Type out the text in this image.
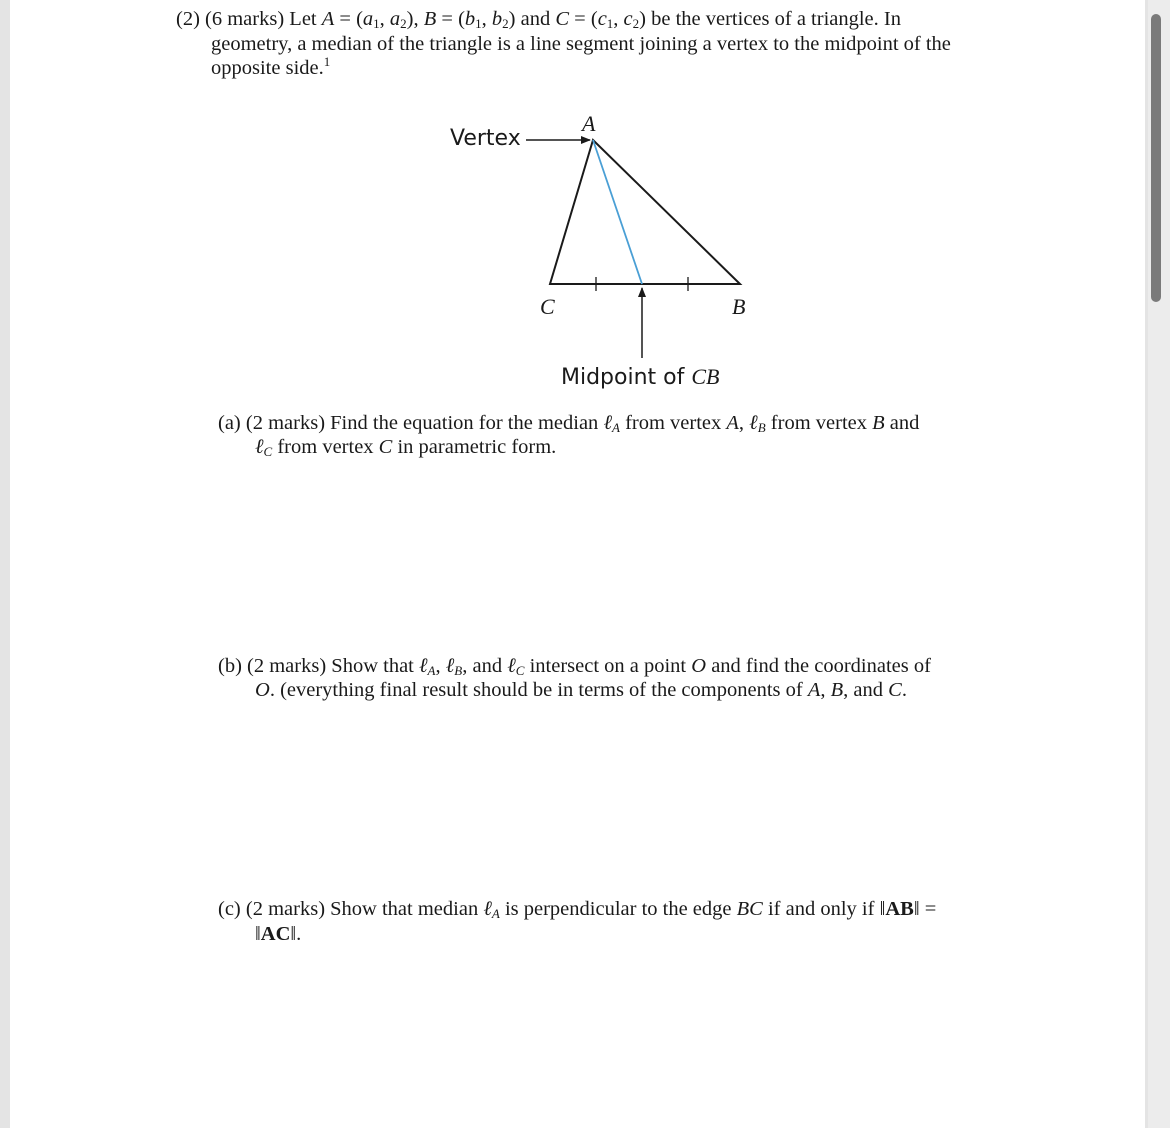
(2) (6 marks) Let $A = (a_1$, $a_2$), $B = (b_1$, $b_2$) and $C = (c_1$, $c_2$) be the vertices of a triangle. In

geometry, a median of the triangle is a line segment joining a vertex to the midpoint of the

opposite side.$^1$

Vertex
A
C	B
Midpoint of CB

(a) (2 marks) Find the equation for the median ℓ$_A$ from vertex A, ℓ$_B$ from vertex B and

ℓ$_C$ from vertex C in parametric form.

(b) (2 marks) Show that ℓ$_A$, ℓ$_B$, and ℓ$_C$ intersect on a point O and find the coordinates of

O. (everything final result should be in terms of the components of A, B, and C.

(c) (2 marks) Show that median ℓ$_A$ is perpendicular to the edge BC if and only if ‖AB‖ =

‖AC‖.
